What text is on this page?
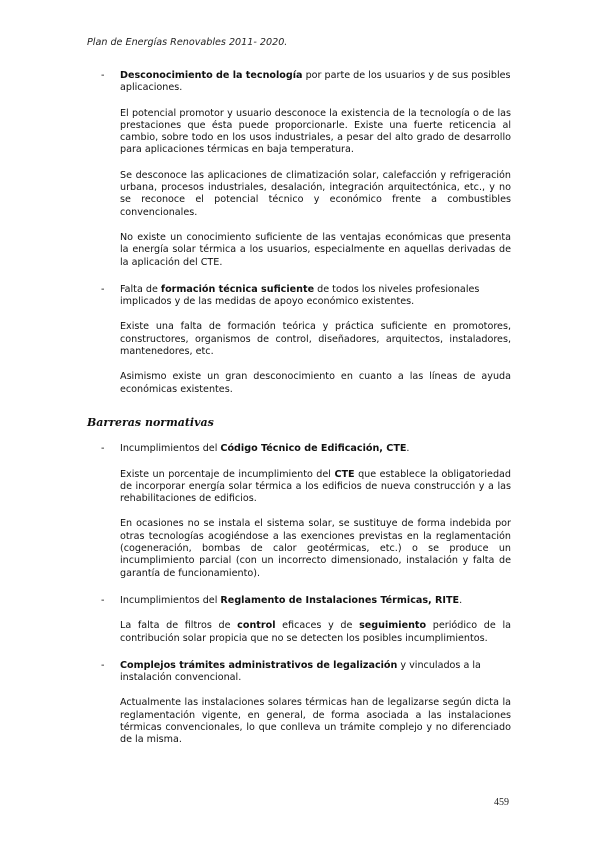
Plan de Energías Renovables 2011- 2020.
- Desconocimiento de la tecnología por parte de los usuarios y de sus posibles aplicaciones.
El potencial promotor y usuario desconoce la existencia de la tecnología o de las prestaciones que ésta puede proporcionarle. Existe una fuerte reticencia al cambio, sobre todo en los usos industriales, a pesar del alto grado de desarrollo para aplicaciones térmicas en baja temperatura.
Se desconoce las aplicaciones de climatización solar, calefacción y refrigeración urbana, procesos industriales, desalación, integración arquitectónica, etc., y no se reconoce el potencial técnico y económico frente a combustibles convencionales.
No existe un conocimiento suficiente de las ventajas económicas que presenta la energía solar térmica a los usuarios, especialmente en aquellas derivadas de la aplicación del CTE.
- Falta de formación técnica suficiente de todos los niveles profesionales implicados y de las medidas de apoyo económico existentes.
Existe una falta de formación teórica y práctica suficiente en promotores, constructores, organismos de control, diseñadores, arquitectos, instaladores, mantenedores, etc.
Asimismo existe un gran desconocimiento en cuanto a las líneas de ayuda económicas existentes.
Barreras normativas
- Incumplimientos del Código Técnico de Edificación, CTE.
Existe un porcentaje de incumplimiento del CTE que establece la obligatoriedad de incorporar energía solar térmica a los edificios de nueva construcción y a las rehabilitaciones de edificios.
En ocasiones no se instala el sistema solar, se sustituye de forma indebida por otras tecnologías acogiéndose a las exenciones previstas en la reglamentación (cogeneración, bombas de calor geotérmicas, etc.) o se produce un incumplimiento parcial (con un incorrecto dimensionado, instalación y falta de garantía de funcionamiento).
- Incumplimientos del Reglamento de Instalaciones Térmicas, RITE.
La falta de filtros de control eficaces y de seguimiento periódico de la contribución solar propicia que no se detecten los posibles incumplimientos.
- Complejos trámites administrativos de legalización y vinculados a la instalación convencional.
Actualmente las instalaciones solares térmicas han de legalizarse según dicta la reglamentación vigente, en general, de forma asociada a las instalaciones térmicas convencionales, lo que conlleva un trámite complejo y no diferenciado de la misma.
459
